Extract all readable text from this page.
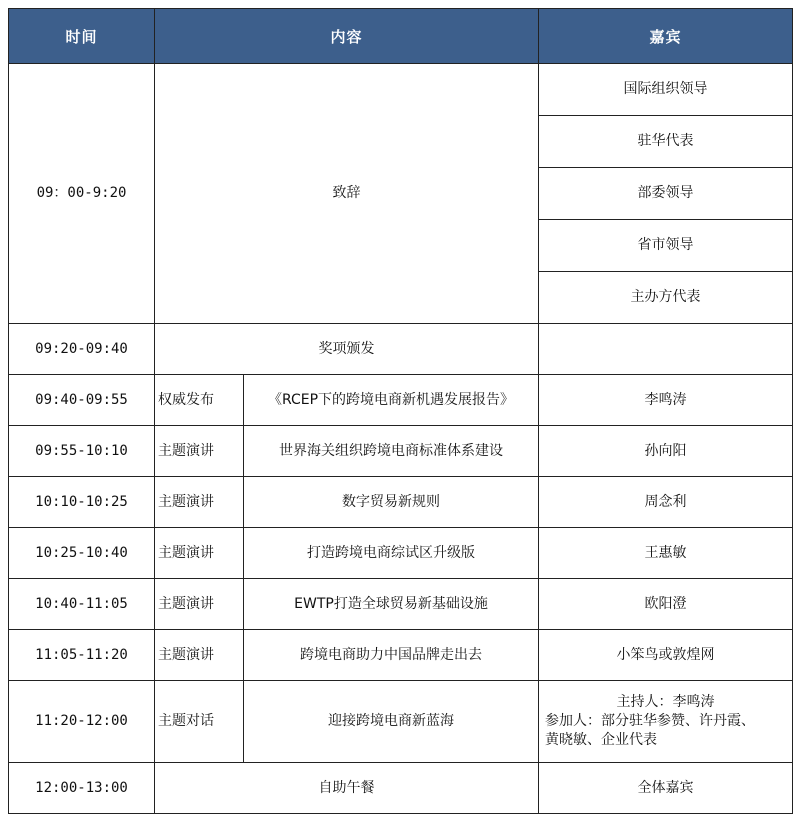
时间	内容		嘉宾
09：00-9:20	致辞		国际组织领导
			驻华代表
			部委领导
			省市领导
			主办方代表
09:20-09:40	奖项颁发		
09:40-09:55	权威发布	《RCEP下的跨境电商新机遇发展报告》	李鸣涛
09:55-10:10	主题演讲	世界海关组织跨境电商标准体系建设	孙向阳
10:10-10:25	主题演讲	数字贸易新规则	周念利
10:25-10:40	主题演讲	打造跨境电商综试区升级版	王惠敏
10:40-11:05	主题演讲	EWTP打造全球贸易新基础设施	欧阳澄
11:05-11:20	主题演讲	跨境电商助力中国品牌走出去	小笨鸟或敦煌网
11:20-12:00	主题对话	迎接跨境电商新蓝海	主持人：李鸣涛
参加人：部分驻华参赞、许丹霞、
黄晓敏、企业代表

12:00-13:00	自助午餐		全体嘉宾
